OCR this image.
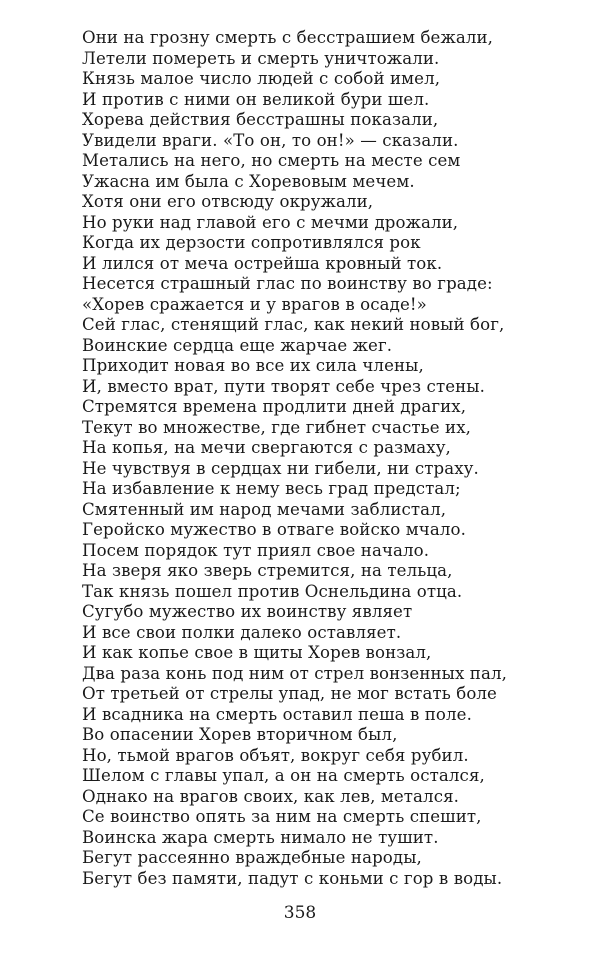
Они на грозну смерть с бесстрашием бежали,
Летели померeть и смерть уничтожали.
Князь малое число людей с собой имел,
И против с ними он великой бури шел.
Хорева действия бесстрашны показали,
Увидели враги. «То он, то он!» — сказали.
Метались на него, но смерть на месте сем
Ужасна им была с Хоревовым мечем.
Хотя они его отвсюду окружали,
Но руки над главой его с мечми дрожали,
Когда их дерзости сопротивлялся рок
И лился от меча острейша кровный ток.
Несется страшный глас по воинству во граде:
«Хорев сражается и у врагов в осаде!»
Сей глас, стенящий глас, как некий новый бог,
Воинские сердца еще жарчае жег.
Приходит новая во все их сила члены,
И, вместо врат, пути творят себе чрез стены.
Стремятся времена продлити дней драгих,
Текут во множестве, где гибнет счастье их,
На копья, на мечи свергаются с размаху,
Не чувствуя в сердцах ни гибели, ни страху.
На избавление к нему весь град предстал;
Смятенный им народ мечами заблистал,
Геройско мужество в отваге войско мчало.
Посем порядок тут приял свое начало.
На зверя яко зверь стремится, на тельца,
Так князь пошел против Оснельдина отца.
Сугубо мужество их воинству являет
И все свои полки далеко оставляет.
И как копье свое в щиты Хорев вонзал,
Два раза конь под ним от стрел вонзенных пал,
От третьей от стрелы упад, не мог встать боле
И всадника на смерть оставил пеша в поле.
Во опасении Хорев вторичном был,
Но, тьмой врагов объят, вокруг себя рубил.
Шелом с главы упал, а он на смерть остался,
Однако на врагов своих, как лев, метался.
Се воинство опять за ним на смерть спешит,
Воинска жара смерть нимало не тушит.
Бегут рассеянно враждебные народы,
Бегут без памяти, падут с коньми с гор в воды.
358
